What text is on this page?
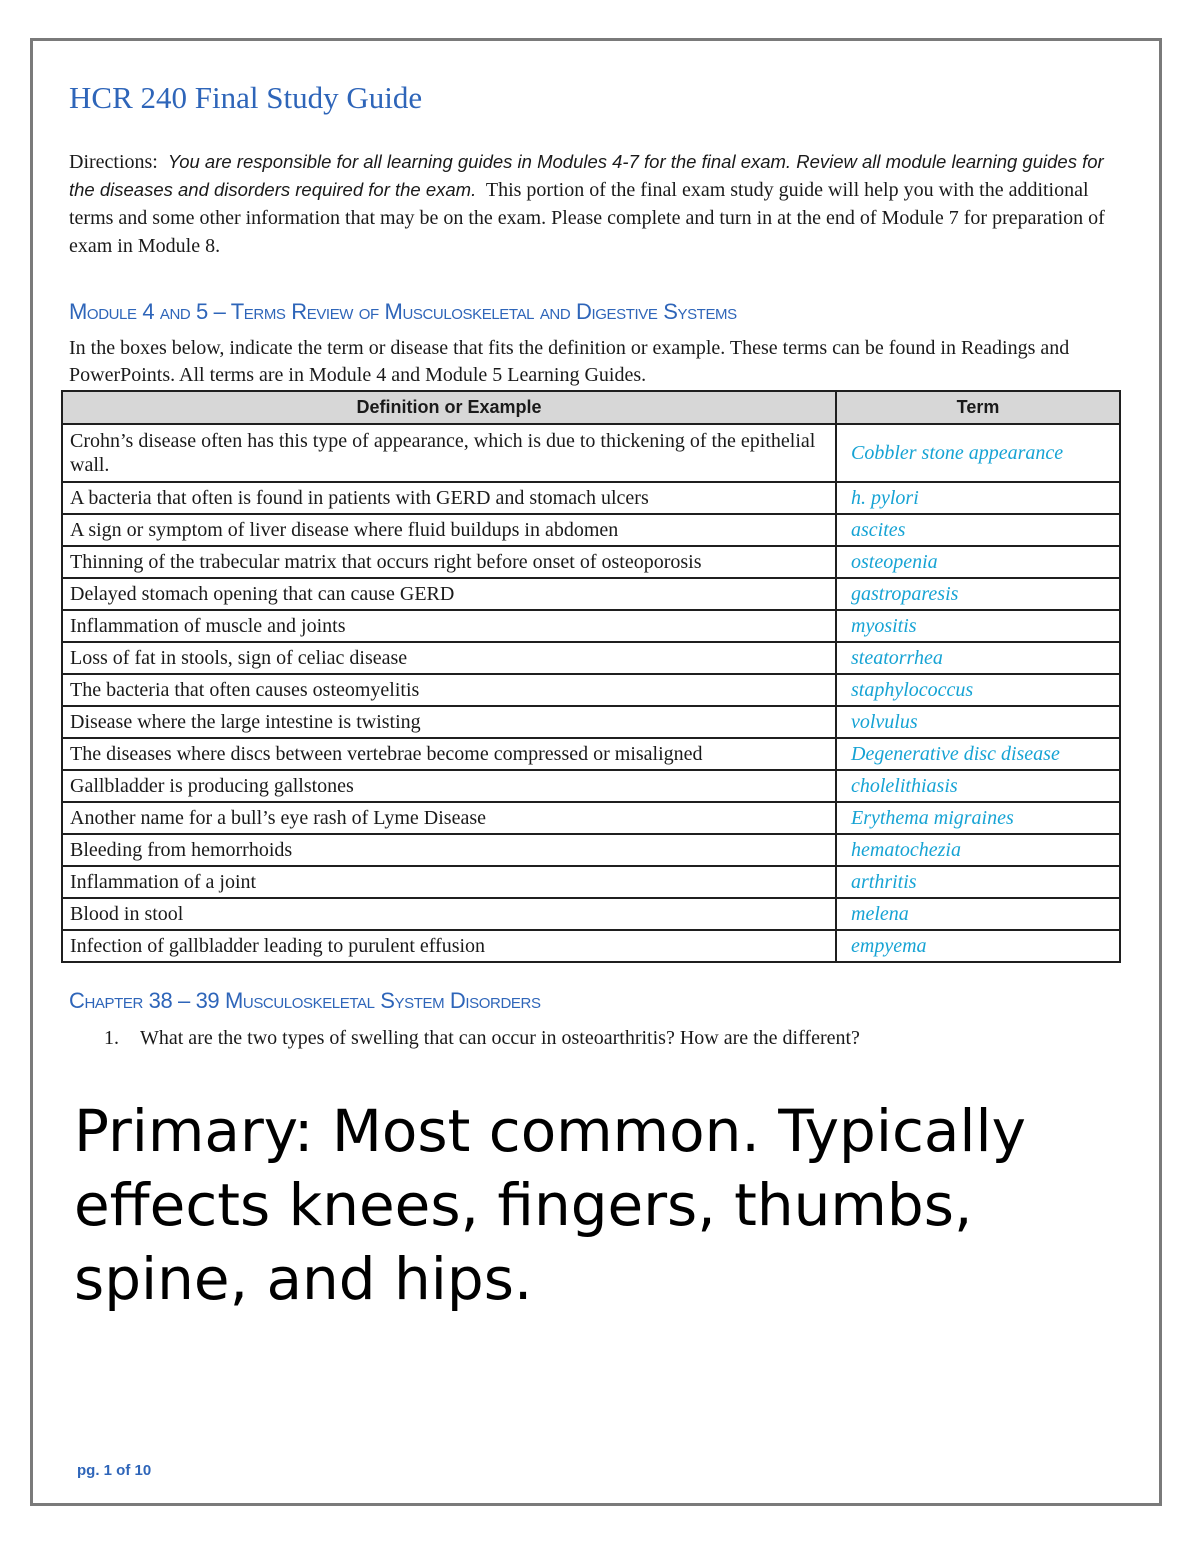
HCR 240 Final Study Guide

Directions: You are responsible for all learning guides in Modules 4-7 for the final exam. Review all module learning guides for the diseases and disorders required for the exam. This portion of the final exam study guide will help you with the additional terms and some other information that may be on the exam. Please complete and turn in at the end of Module 7 for preparation of exam in Module 8.

Module 4 and 5 – Terms Review of Musculoskeletal and Digestive Systems

In the boxes below, indicate the term or disease that fits the definition or example. These terms can be found in Readings and PowerPoints. All terms are in Module 4 and Module 5 Learning Guides.

Definition or Example	Term
Crohn’s disease often has this type of appearance, which is due to thickening of the epithelial wall.	Cobbler stone appearance
A bacteria that often is found in patients with GERD and stomach ulcers	h. pylori
A sign or symptom of liver disease where fluid buildups in abdomen	ascites
Thinning of the trabecular matrix that occurs right before onset of osteoporosis	osteopenia
Delayed stomach opening that can cause GERD	gastroparesis
Inflammation of muscle and joints	myositis
Loss of fat in stools, sign of celiac disease	steatorrhea
The bacteria that often causes osteomyelitis	staphylococcus
Disease where the large intestine is twisting	volvulus
The diseases where discs between vertebrae become compressed or misaligned	Degenerative disc disease
Gallbladder is producing gallstones	cholelithiasis
Another name for a bull’s eye rash of Lyme Disease	Erythema migraines
Bleeding from hemorrhoids	hematochezia
Inflammation of a joint	arthritis
Blood in stool	melena
Infection of gallbladder leading to purulent effusion	empyema
Chapter 38 – 39 Musculoskeletal System Disorders

1. What are the two types of swelling that can occur in osteoarthritis? How are the different?

Primary: Most common. Typically effects knees, fingers, thumbs, spine, and hips.

pg. 1 of 10
